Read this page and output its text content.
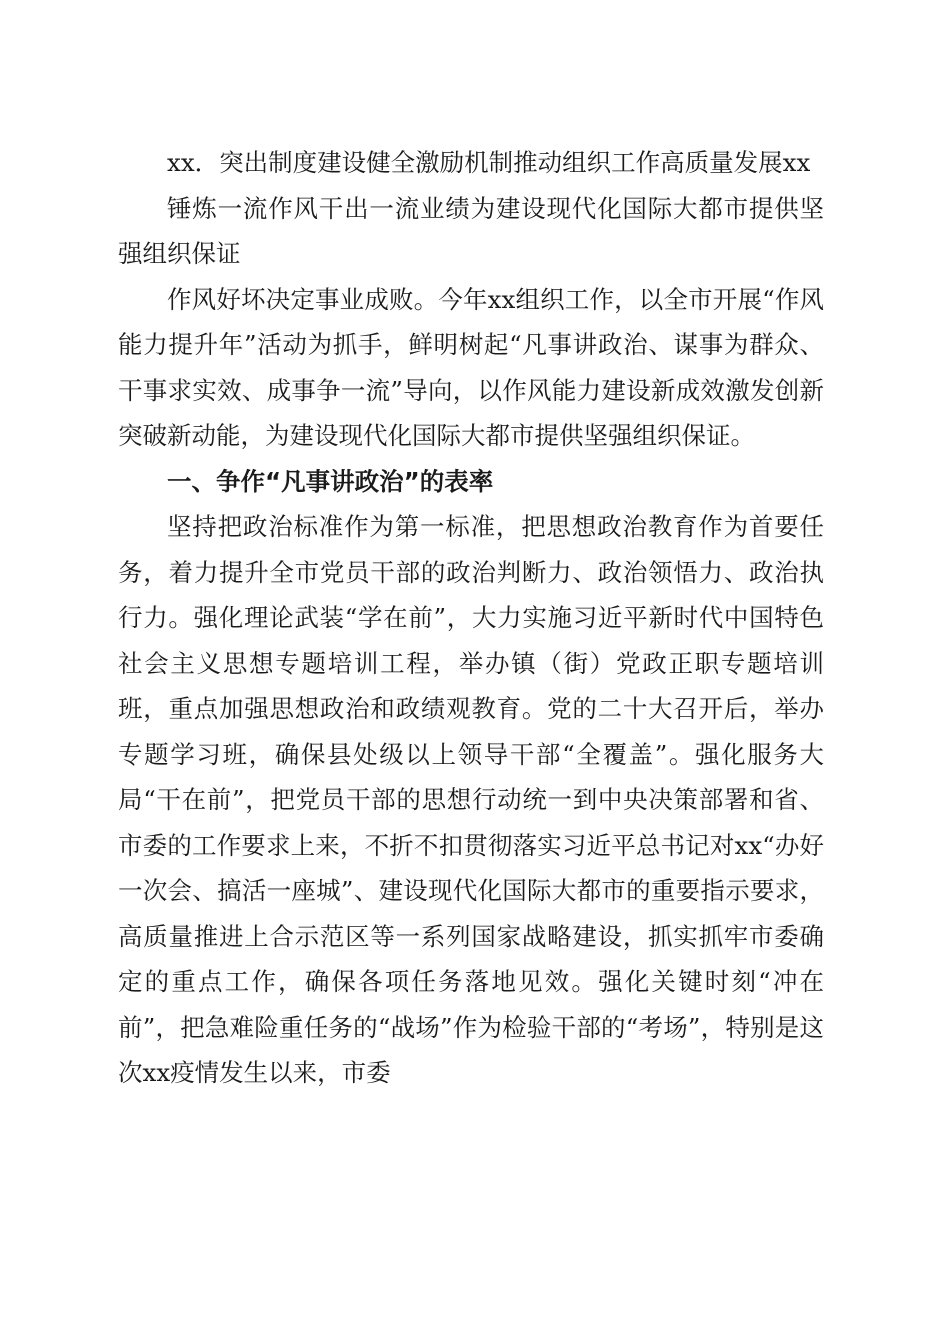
xx．突出制度建设健全激励机制推动组织工作高质量发展xx

锤炼一流作风干出一流业绩为建设现代化国际大都市提供坚强组织保证

作风好坏决定事业成败。今年xx组织工作，以全市开展“作风能力提升年”活动为抓手，鲜明树起“凡事讲政治、谋事为群众、干事求实效、成事争一流”导向，以作风能力建设新成效激发创新突破新动能，为建设现代化国际大都市提供坚强组织保证。

一、争作“凡事讲政治”的表率

坚持把政治标准作为第一标准，把思想政治教育作为首要任务，着力提升全市党员干部的政治判断力、政治领悟力、政治执行力。强化理论武装“学在前”，大力实施习近平新时代中国特色社会主义思想专题培训工程，举办镇（街）党政正职专题培训班，重点加强思想政治和政绩观教育。党的二十大召开后，举办专题学习班，确保县处级以上领导干部“全覆盖”。强化服务大局“干在前”，把党员干部的思想行动统一到中央决策部署和省、市委的工作要求上来，不折不扣贯彻落实习近平总书记对xx“办好一次会、搞活一座城”、建设现代化国际大都市的重要指示要求，高质量推进上合示范区等一系列国家战略建设，抓实抓牢市委确定的重点工作，确保各项任务落地见效。强化关键时刻“冲在前”，把急难险重任务的“战场”作为检验干部的“考场”，特别是这次xx疫情发生以来，市委
